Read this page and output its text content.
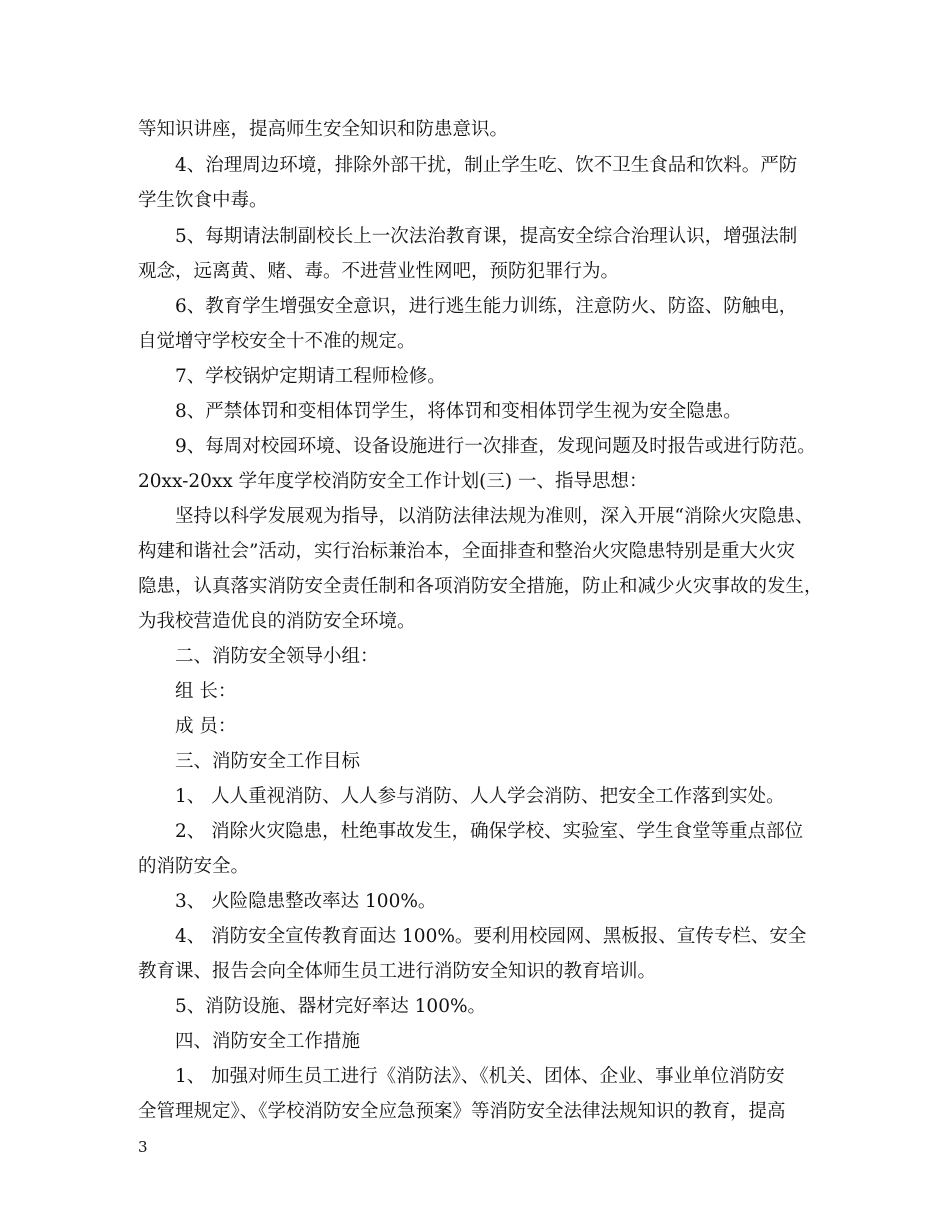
等知识讲座，提高师生安全知识和防患意识。
4、治理周边环境，排除外部干扰，制止学生吃、饮不卫生食品和饮料。严防
学生饮食中毒。
5、每期请法制副校长上一次法治教育课，提高安全综合治理认识，增强法制
观念，远离黄、赌、毒。不进营业性网吧，预防犯罪行为。
6、教育学生增强安全意识，进行逃生能力训练，注意防火、防盗、防触电，
自觉增守学校安全十不准的规定。
7、学校锅炉定期请工程师检修。
8、严禁体罚和变相体罚学生，将体罚和变相体罚学生视为安全隐患。
9、每周对校园环境、设备设施进行一次排查，发现问题及时报告或进行防范。
20xx-20xx 学年度学校消防安全工作计划(三) 一、指导思想：
坚持以科学发展观为指导，以消防法律法规为准则，深入开展“消除火灾隐患、
构建和谐社会”活动，实行治标兼治本，全面排查和整治火灾隐患特别是重大火灾
隐患，认真落实消防安全责任制和各项消防安全措施，防止和减少火灾事故的发生，
为我校营造优良的消防安全环境。
二、消防安全领导小组：
组 长：
成 员：
三、消防安全工作目标
1、 人人重视消防、人人参与消防、人人学会消防、把安全工作落到实处。
2、 消除火灾隐患，杜绝事故发生，确保学校、实验室、学生食堂等重点部位
的消防安全。
3、 火险隐患整改率达 100%。
4、 消防安全宣传教育面达 100%。要利用校园网、黑板报、宣传专栏、安全
教育课、报告会向全体师生员工进行消防安全知识的教育培训。
5、消防设施、器材完好率达 100%。
四、消防安全工作措施
1、 加强对师生员工进行《消防法》、《机关、团体、企业、事业单位消防安
全管理规定》、《学校消防安全应急预案》等消防安全法律法规知识的教育，提高
3
